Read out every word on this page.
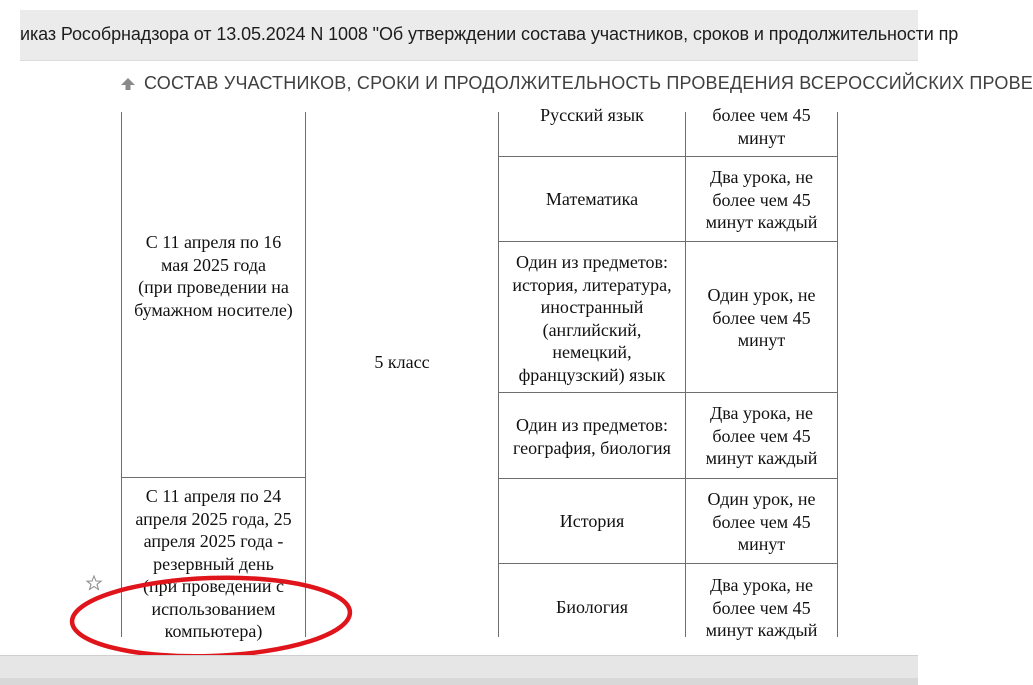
иказ Рособрнадзора от 13.05.2024 N 1008 "Об утверждении состава участников, сроков и продолжительности пр
СОСТАВ УЧАСТНИКОВ, СРОКИ И ПРОДОЛЖИТЕЛЬНОСТЬ ПРОВЕДЕНИЯ ВСЕРОССИЙСКИХ ПРОВЕ
С 11 апреля по 16
мая 2025 года
(при проведении на
бумажном носителе)
С 11 апреля по 24
апреля 2025 года, 25
апреля 2025 года -
резервный день
(при проведении с
использованием
компьютера)
5 класс
Русский язык
Математика
Один из предметов:
история, литература,
иностранный
(английский,
немецкий,
французский) язык
Один из предметов:
география, биология
История
Биология
более чем 45
минут
Два урока, не
более чем 45
минут каждый
Один урок, не
более чем 45
минут
Два урока, не
более чем 45
минут каждый
Один урок, не
более чем 45
минут
Два урока, не
более чем 45
минут каждый
